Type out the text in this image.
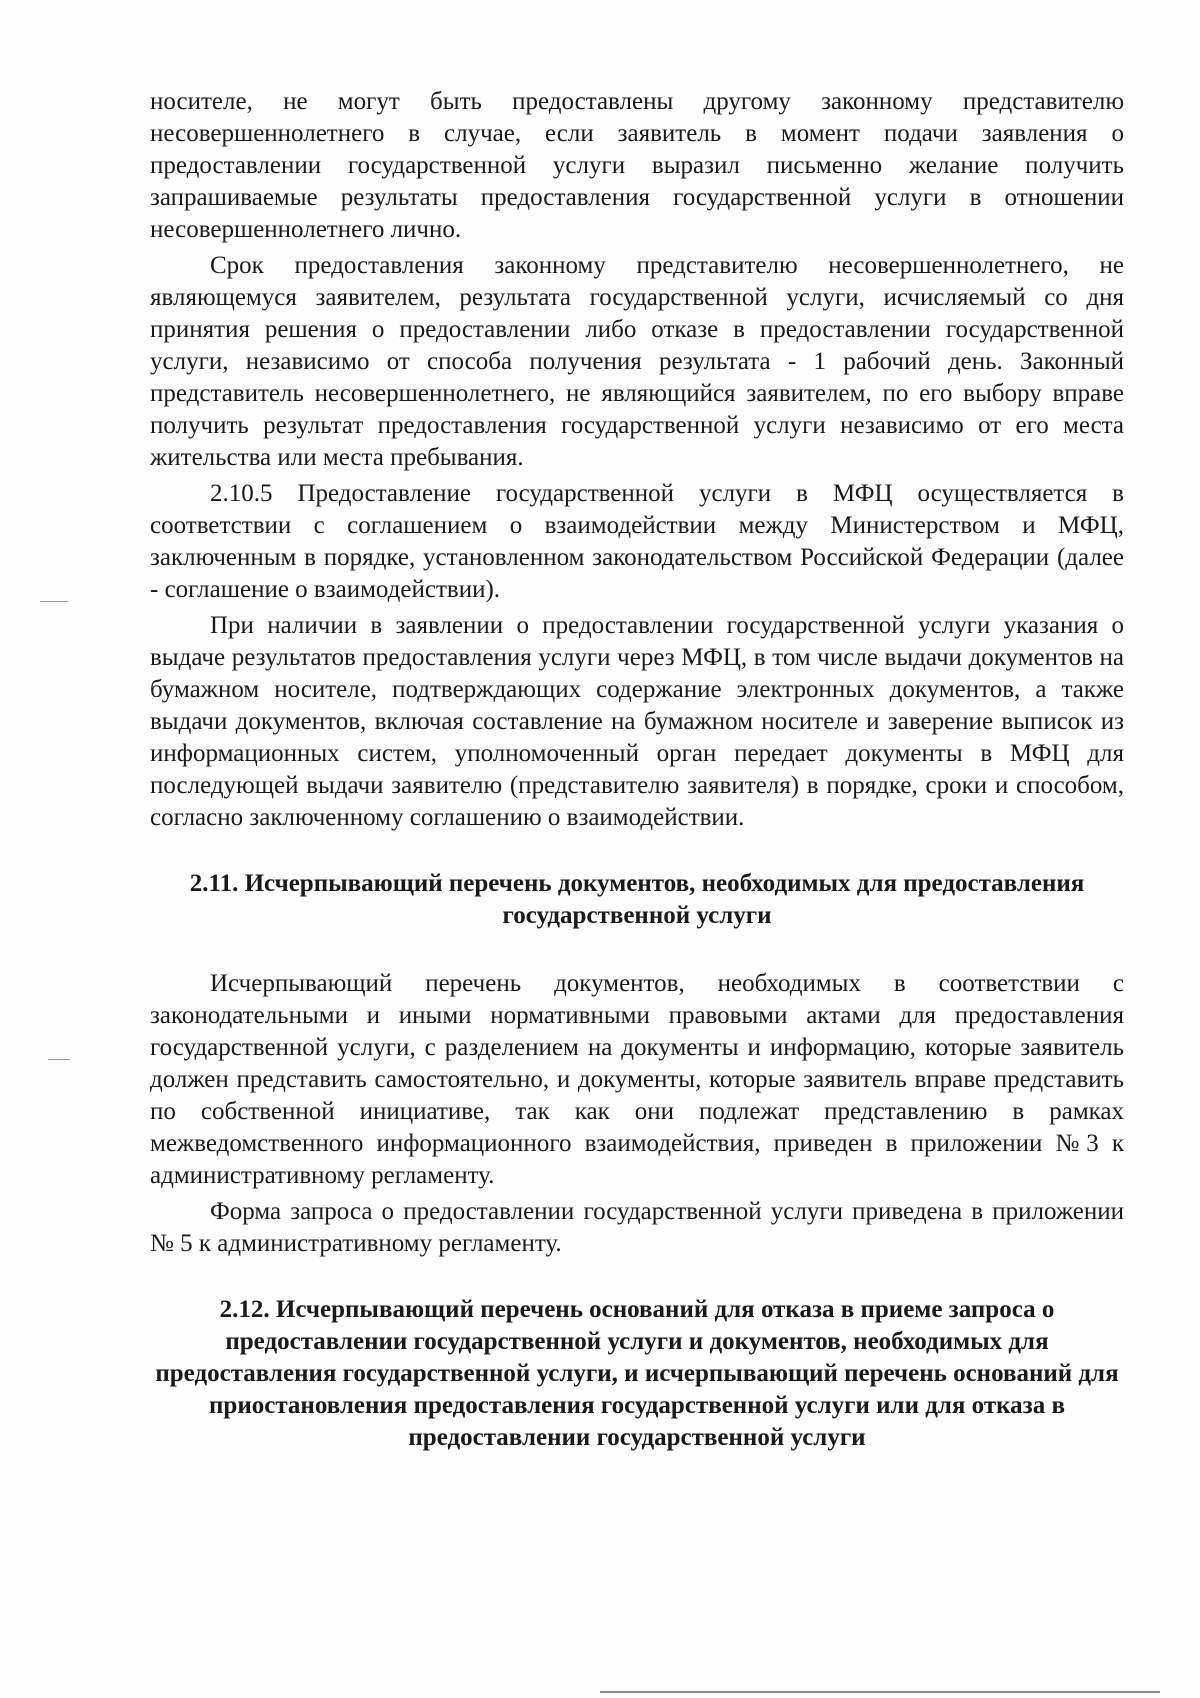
носителе, не могут быть предоставлены другому законному представителю несовершеннолетнего в случае, если заявитель в момент подачи заявления о предоставлении государственной услуги выразил письменно желание получить запрашиваемые результаты предоставления государственной услуги в отношении несовершеннолетнего лично.

Срок предоставления законному представителю несовершеннолетнего, не являющемуся заявителем, результата государственной услуги, исчисляемый со дня принятия решения о предоставлении либо отказе в предоставлении государственной услуги, независимо от способа получения результата - 1 рабочий день. Законный представитель несовершеннолетнего, не являющийся заявителем, по его выбору вправе получить результат предоставления государственной услуги независимо от его места жительства или места пребывания.

2.10.5 Предоставление государственной услуги в МФЦ осуществляется в соответствии с соглашением о взаимодействии между Министерством и МФЦ, заключенным в порядке, установленном законодательством Российской Федерации (далее - соглашение о взаимодействии).

При наличии в заявлении о предоставлении государственной услуги указания о выдаче результатов предоставления услуги через МФЦ, в том числе выдачи документов на бумажном носителе, подтверждающих содержание электронных документов, а также выдачи документов, включая составление на бумажном носителе и заверение выписок из информационных систем, уполномоченный орган передает документы в МФЦ для последующей выдачи заявителю (представителю заявителя) в порядке, сроки и способом, согласно заключенному соглашению о взаимодействии.

2.11. Исчерпывающий перечень документов, необходимых для предоставления государственной услуги

Исчерпывающий перечень документов, необходимых в соответствии с законодательными и иными нормативными правовыми актами для предоставления государственной услуги, с разделением на документы и информацию, которые заявитель должен представить самостоятельно, и документы, которые заявитель вправе представить по собственной инициативе, так как они подлежат представлению в рамках межведомственного информационного взаимодействия, приведен в приложении №3 к административному регламенту.

Форма запроса о предоставлении государственной услуги приведена в приложении № 5 к административному регламенту.

2.12. Исчерпывающий перечень оснований для отказа в приеме запроса о предоставлении государственной услуги и документов, необходимых для предоставления государственной услуги, и исчерпывающий перечень оснований для приостановления предоставления государственной услуги или для отказа в предоставлении государственной услуги
